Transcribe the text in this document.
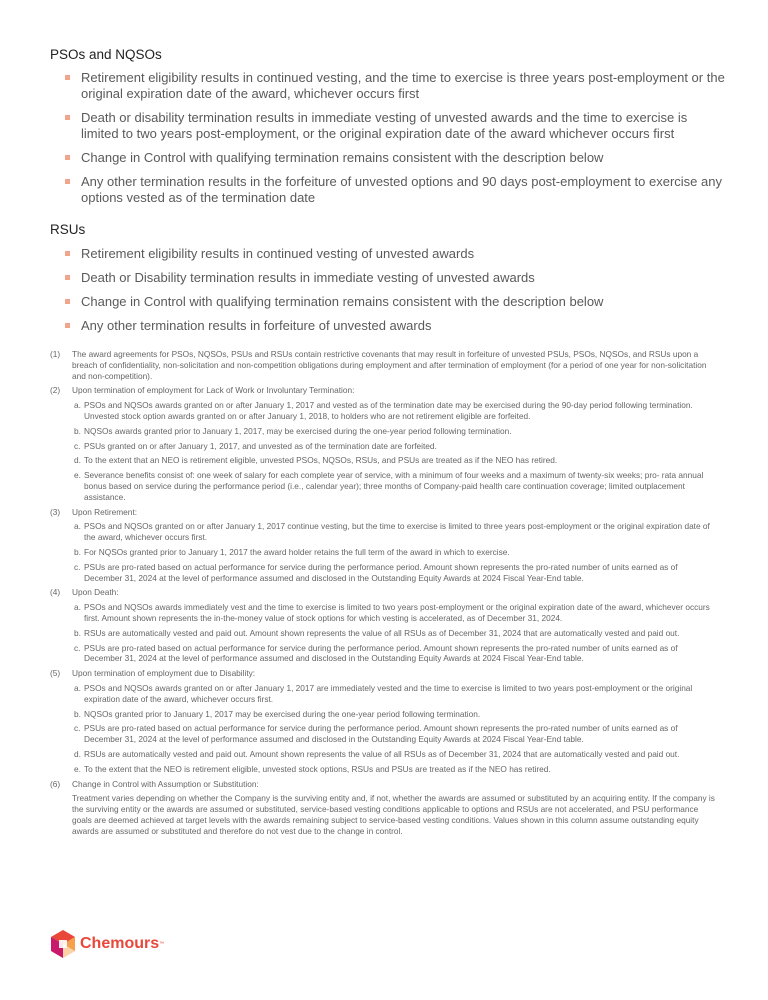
PSOs and NQSOs
Retirement eligibility results in continued vesting, and the time to exercise is three years post-employment or the original expiration date of the award, whichever occurs first
Death or disability termination results in immediate vesting of unvested awards and the time to exercise is limited to two years post-employment, or the original expiration date of the award whichever occurs first
Change in Control with qualifying termination remains consistent with the description below
Any other termination results in the forfeiture of unvested options and 90 days post-employment to exercise any options vested as of the termination date
RSUs
Retirement eligibility results in continued vesting of unvested awards
Death or Disability termination results in immediate vesting of unvested awards
Change in Control with qualifying termination remains consistent with the description below
Any other termination results in forfeiture of unvested awards
(1) The award agreements for PSOs, NQSOs, PSUs and RSUs contain restrictive covenants that may result in forfeiture of unvested PSUs, PSOs, NQSOs, and RSUs upon a breach of confidentiality, non-solicitation and non-competition obligations during employment and after termination of employment (for a period of one year for non-solicitation and non-competition).
(2) Upon termination of employment for Lack of Work or Involuntary Termination:
a. PSOs and NQSOs awards granted on or after January 1, 2017 and vested as of the termination date may be exercised during the 90-day period following termination. Unvested stock option awards granted on or after January 1, 2018, to holders who are not retirement eligible are forfeited.
b. NQSOs awards granted prior to January 1, 2017, may be exercised during the one-year period following termination.
c. PSUs granted on or after January 1, 2017, and unvested as of the termination date are forfeited.
d. To the extent that an NEO is retirement eligible, unvested PSOs, NQSOs, RSUs, and PSUs are treated as if the NEO has retired.
e. Severance benefits consist of: one week of salary for each complete year of service, with a minimum of four weeks and a maximum of twenty-six weeks; pro- rata annual bonus based on service during the performance period (i.e., calendar year); three months of Company-paid health care continuation coverage; limited outplacement assistance.
(3) Upon Retirement:
a. PSOs and NQSOs granted on or after January 1, 2017 continue vesting, but the time to exercise is limited to three years post-employment or the original expiration date of the award, whichever occurs first.
b. For NQSOs granted prior to January 1, 2017 the award holder retains the full term of the award in which to exercise.
c. PSUs are pro-rated based on actual performance for service during the performance period. Amount shown represents the pro-rated number of units earned as of December 31, 2024 at the level of performance assumed and disclosed in the Outstanding Equity Awards at 2024 Fiscal Year-End table.
(4) Upon Death:
a. PSOs and NQSOs awards immediately vest and the time to exercise is limited to two years post-employment or the original expiration date of the award, whichever occurs first. Amount shown represents the in-the-money value of stock options for which vesting is accelerated, as of December 31, 2024.
b. RSUs are automatically vested and paid out. Amount shown represents the value of all RSUs as of December 31, 2024 that are automatically vested and paid out.
c. PSUs are pro-rated based on actual performance for service during the performance period. Amount shown represents the pro-rated number of units earned as of December 31, 2024 at the level of performance assumed and disclosed in the Outstanding Equity Awards at 2024 Fiscal Year-End table.
(5) Upon termination of employment due to Disability:
a. PSOs and NQSOs awards granted on or after January 1, 2017 are immediately vested and the time to exercise is limited to two years post-employment or the original expiration date of the award, whichever occurs first.
b. NQSOs granted prior to January 1, 2017 may be exercised during the one-year period following termination.
c. PSUs are pro-rated based on actual performance for service during the performance period. Amount shown represents the pro-rated number of units earned as of December 31, 2024 at the level of performance assumed and disclosed in the Outstanding Equity Awards at 2024 Fiscal Year-End table.
d. RSUs are automatically vested and paid out. Amount shown represents the value of all RSUs as of December 31, 2024 that are automatically vested and paid out.
e. To the extent that the NEO is retirement eligible, unvested stock options, RSUs and PSUs are treated as if the NEO has retired.
(6) Change in Control with Assumption or Substitution:
Treatment varies depending on whether the Company is the surviving entity and, if not, whether the awards are assumed or substituted by an acquiring entity. If the company is the surviving entity or the awards are assumed or substituted, service-based vesting conditions applicable to options and RSUs are not accelerated, and PSU performance goals are deemed achieved at target levels with the awards remaining subject to service-based vesting conditions. Values shown in this column assume outstanding equity awards are assumed or substituted and therefore do not vest due to the change in control.
Chemours ™
